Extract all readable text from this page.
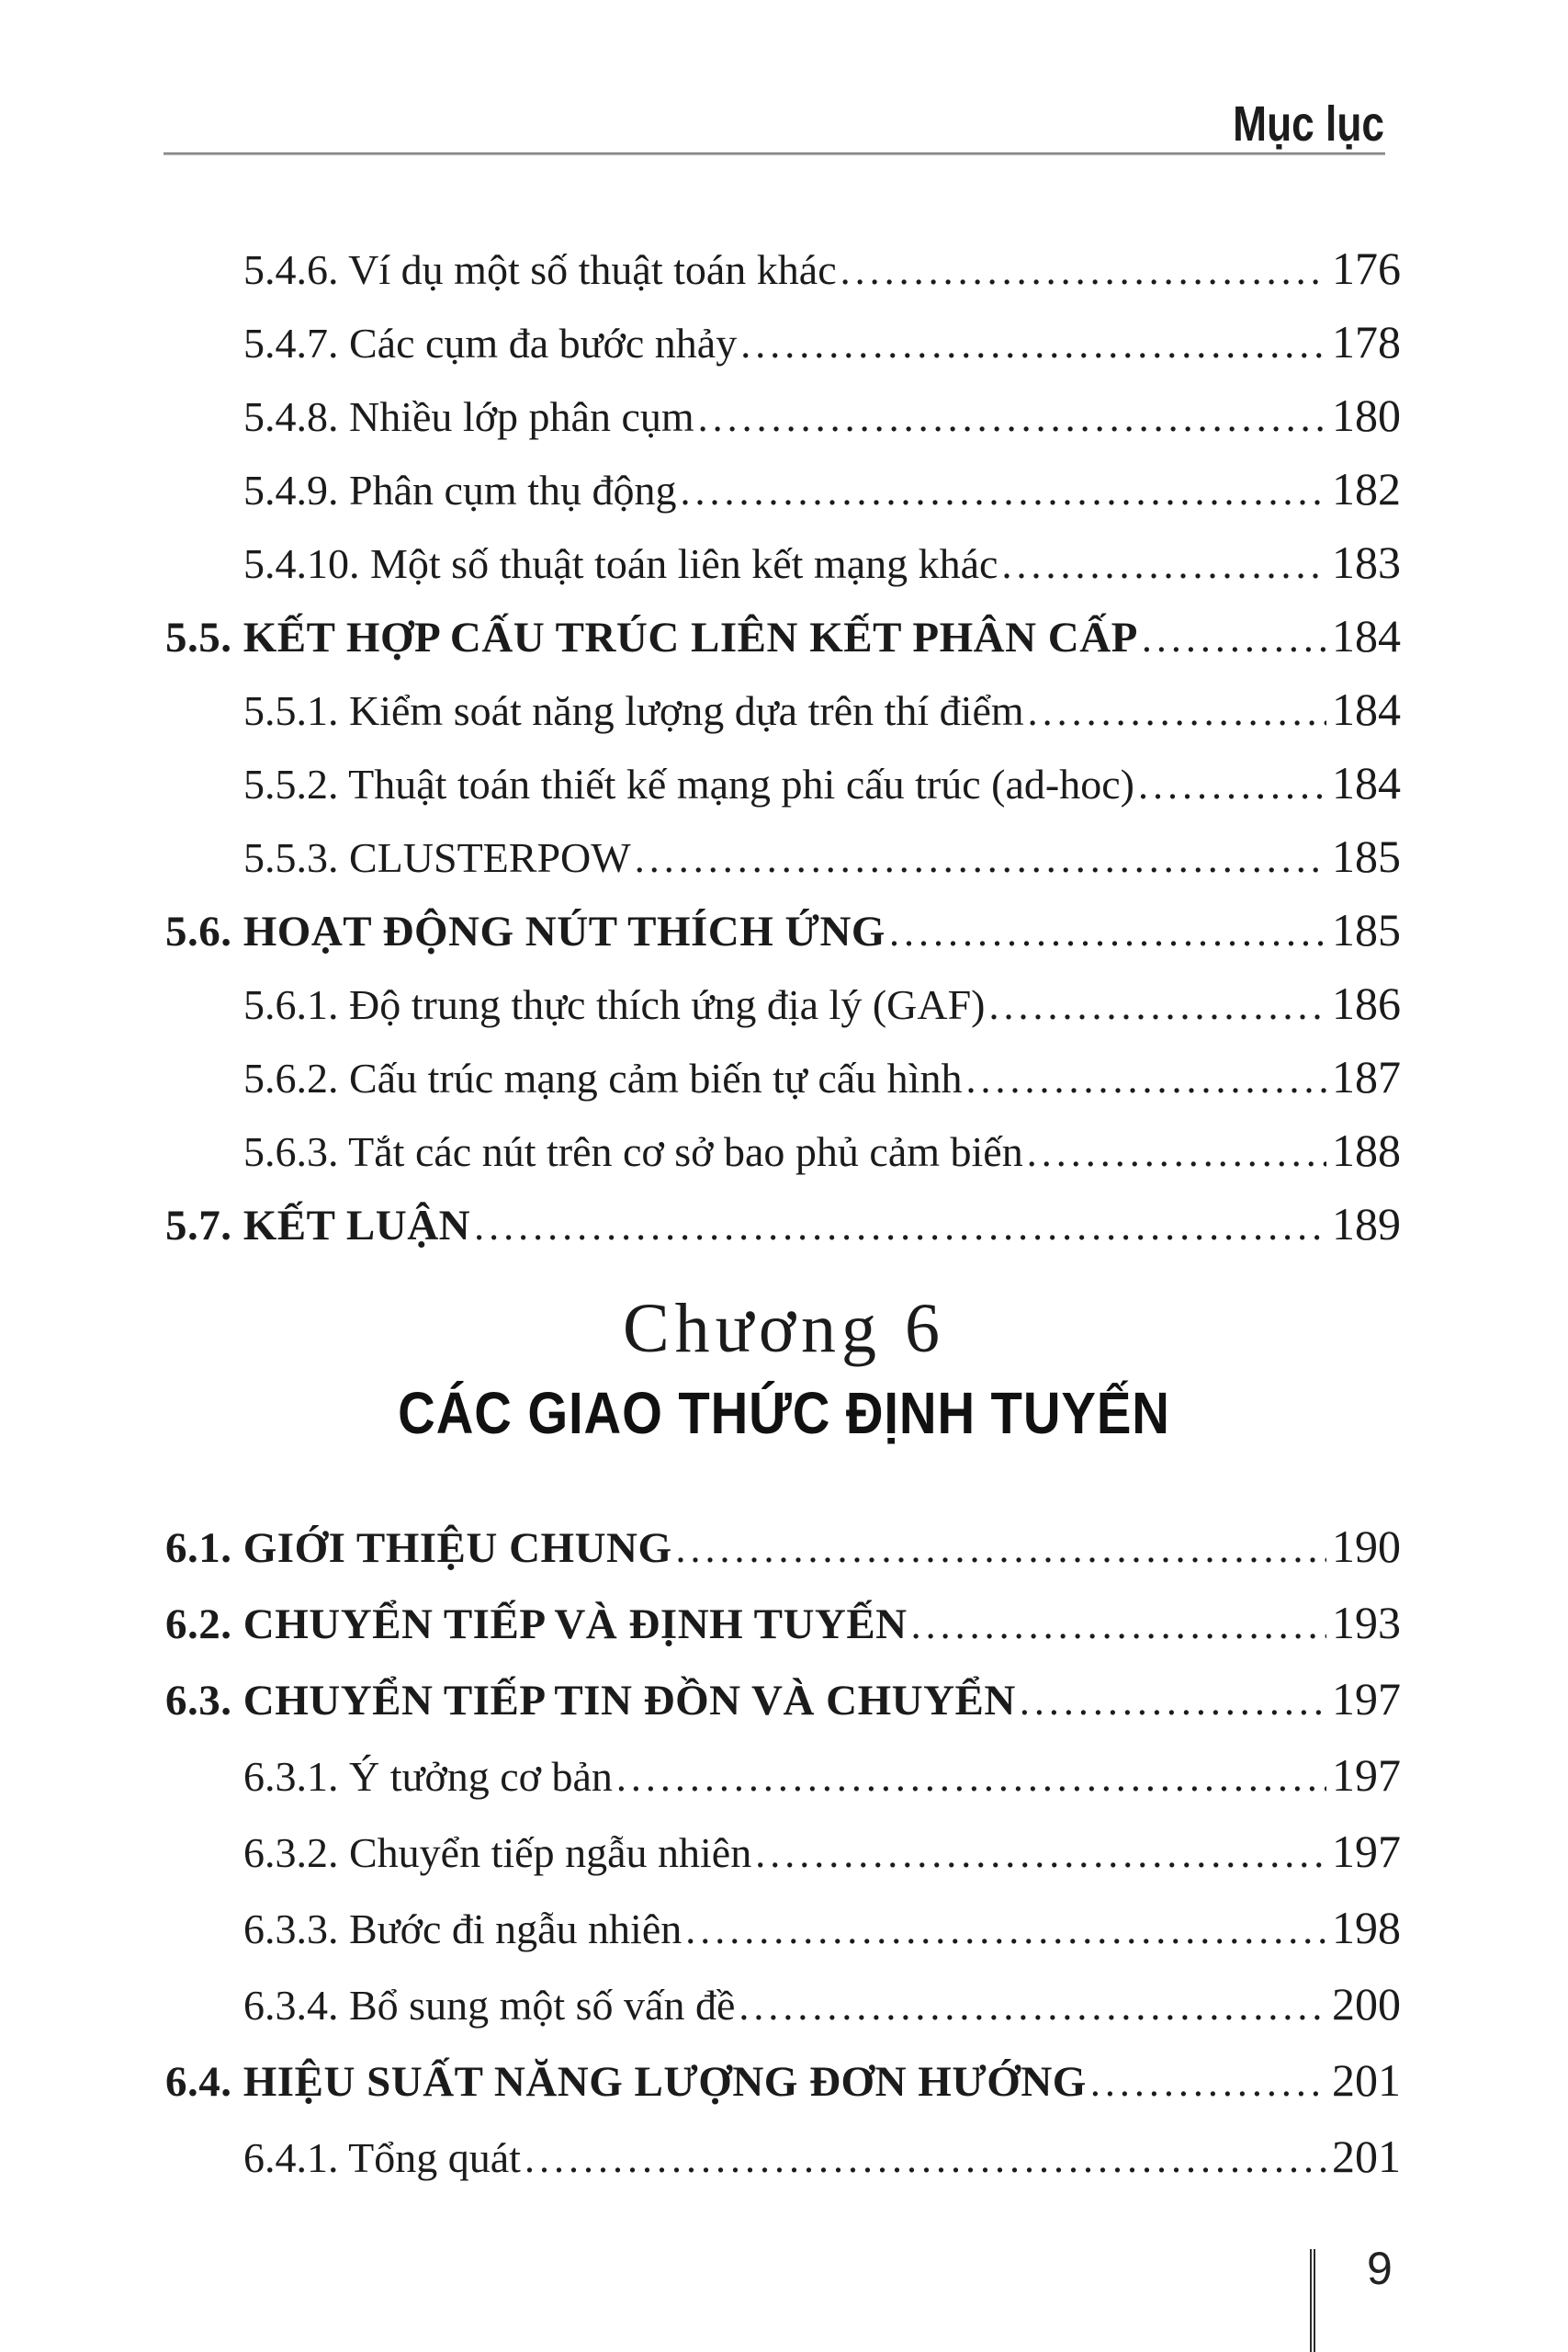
Mục lục
5.4.6. Ví dụ một số thuật toán khác .....	176
5.4.7. Các cụm đa bước nhảy .....	178
5.4.8. Nhiều lớp phân cụm .....	180
5.4.9. Phân cụm thụ động .....	182
5.4.10. Một số thuật toán liên kết mạng khác .....	183
5.5. KẾT HỢP CẤU TRÚC LIÊN KẾT PHÂN CẤP .....	184
5.5.1. Kiểm soát năng lượng dựa trên thí điểm .....	184
5.5.2. Thuật toán thiết kế mạng phi cấu trúc (ad-hoc) .....	184
5.5.3. CLUSTERPOW .....	185
5.6. HOẠT ĐỘNG NÚT THÍCH ỨNG .....	185
5.6.1. Độ trung thực thích ứng địa lý (GAF) .....	186
5.6.2. Cấu trúc mạng cảm biến tự cấu hình .....	187
5.6.3. Tắt các nút trên cơ sở bao phủ cảm biến .....	188
5.7. KẾT LUẬN .....	189
Chương 6
CÁC GIAO THỨC ĐỊNH TUYẾN
6.1. GIỚI THIỆU CHUNG .....	190
6.2. CHUYỂN TIẾP VÀ ĐỊNH TUYẾN .....	193
6.3. CHUYỂN TIẾP TIN ĐỒN VÀ CHUYỂN .....	197
6.3.1. Ý tưởng cơ bản .....	197
6.3.2. Chuyển tiếp ngẫu nhiên .....	197
6.3.3. Bước đi ngẫu nhiên .....	198
6.3.4. Bổ sung một số vấn đề .....	200
6.4. HIỆU SUẤT NĂNG LƯỢNG ĐƠN HƯỚNG .....	201
6.4.1. Tổng quát .....	201
9
